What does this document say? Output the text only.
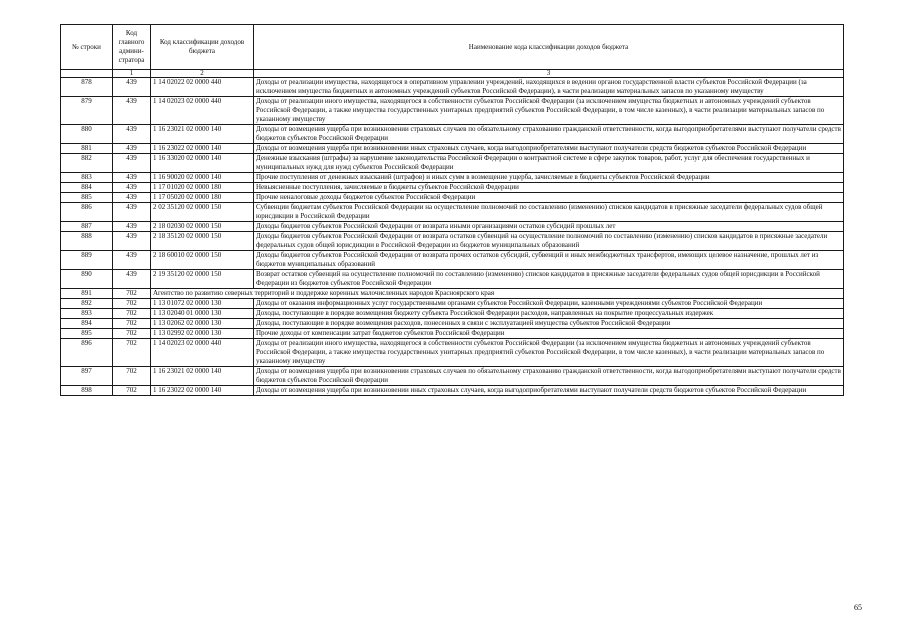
№ строки	Код главного админи-стратора	Код классификации доходов бюджета	Наименование кода классификации доходов бюджета
	1	2	3
878	439	1 14 02022 02 0000 440	Доходы от реализации имущества, находящегося в оперативном управлении учреждений, находящихся в ведении органов государственной власти субъектов Российской Федерации (за исключением имущества бюджетных и автономных учреждений субъектов Российской Федерации), в части реализации материальных запасов по указанному имуществу
879	439	1 14 02023 02 0000 440	Доходы от реализации иного имущества, находящегося в собственности субъектов Российской Федерации (за исключением имущества бюджетных и автономных учреждений субъектов Российской Федерации, а также имущества государственных унитарных предприятий субъектов Российской Федерации, в том числе казенных), в части реализации материальных запасов по указанному имуществу
880	439	1 16 23021 02 0000 140	Доходы от возмещения ущерба при возникновении страховых случаев по обязательному страхованию гражданской ответственности, когда выгодоприобретателями выступают получатели средств бюджетов субъектов Российской Федерации
881	439	1 16 23022 02 0000 140	Доходы от возмещения ущерба при возникновении иных страховых случаев, когда выгодоприобретателями выступают получатели средств бюджетов субъектов Российской Федерации
882	439	1 16 33020 02 0000 140	Денежные взыскания (штрафы) за нарушение законодательства Российской Федерации о контрактной системе в сфере закупок товаров, работ, услуг для обеспечения государственных и муниципальных нужд для нужд субъектов Российской Федерации
883	439	1 16 90020 02 0000 140	Прочие поступления от денежных взысканий (штрафов) и иных сумм в возмещение ущерба, зачисляемые в бюджеты субъектов Российской Федерации
884	439	1 17 01020 02 0000 180	Невыясненные поступления, зачисляемые в бюджеты субъектов Российской Федерации
885	439	1 17 05020 02 0000 180	Прочие неналоговые доходы бюджетов субъектов Российской Федерации
886	439	2 02 35120 02 0000 150	Субвенции бюджетам субъектов Российской Федерации на осуществление полномочий по составлению (изменению) списков кандидатов в присяжные заседатели федеральных судов общей юрисдикции в Российской Федерации
887	439	2 18 02030 02 0000 150	Доходы бюджетов субъектов Российской Федерации от возврата иными организациями остатков субсидий прошлых лет
888	439	2 18 35120 02 0000 150	Доходы бюджетов субъектов Российской Федерации от возврата остатков субвенций на осуществление полномочий по составлению (изменению) списков кандидатов в присяжные заседатели федеральных судов общей юрисдикции в Российской Федерации из бюджетов муниципальных образований
889	439	2 18 60010 02 0000 150	Доходы бюджетов субъектов Российской Федерации от возврата прочих остатков субсидий, субвенций и иных межбюджетных трансфертов, имеющих целевое назначение, прошлых лет из бюджетов муниципальных образований
890	439	2 19 35120 02 0000 150	Возврат остатков субвенций на осуществление полномочий по составлению (изменению) списков кандидатов в присяжные заседатели федеральных судов общей юрисдикции в Российской Федерации из бюджетов субъектов Российской Федерации
891	702	Агентство по развитию северных территорий и поддержке коренных малочисленных народов Красноярского края	
892	702	1 13 01072 02 0000 130	Доходы от оказания информационных услуг государственными органами субъектов Российской Федерации, казенными учреждениями субъектов Российской Федерации
893	702	1 13 02040 01 0000 130	Доходы, поступающие в порядке возмещения бюджету субъекта Российской Федерации расходов, направленных на покрытие процессуальных издержек
894	702	1 13 02062 02 0000 130	Доходы, поступающие в порядке возмещения расходов, понесенных в связи с эксплуатацией имущества субъектов Российской Федерации
895	702	1 13 02992 02 0000 130	Прочие доходы от компенсации затрат бюджетов субъектов Российской Федерации
896	702	1 14 02023 02 0000 440	Доходы от реализации иного имущества, находящегося в собственности субъектов Российской Федерации (за исключением имущества бюджетных и автономных учреждений субъектов Российской Федерации, а также имущества государственных унитарных предприятий субъектов Российской Федерации, в том числе казенных), в части реализации материальных запасов по указанному имуществу
897	702	1 16 23021 02 0000 140	Доходы от возмещения ущерба при возникновении страховых случаев по обязательному страхованию гражданской ответственности, когда выгодоприобретателями выступают получатели средств бюджетов субъектов Российской Федерации
898	702	1 16 23022 02 0000 140	Доходы от возмещения ущерба при возникновении иных страховых случаев, когда выгодоприобретателями выступают получатели средств бюджетов субъектов Российской Федерации
65
